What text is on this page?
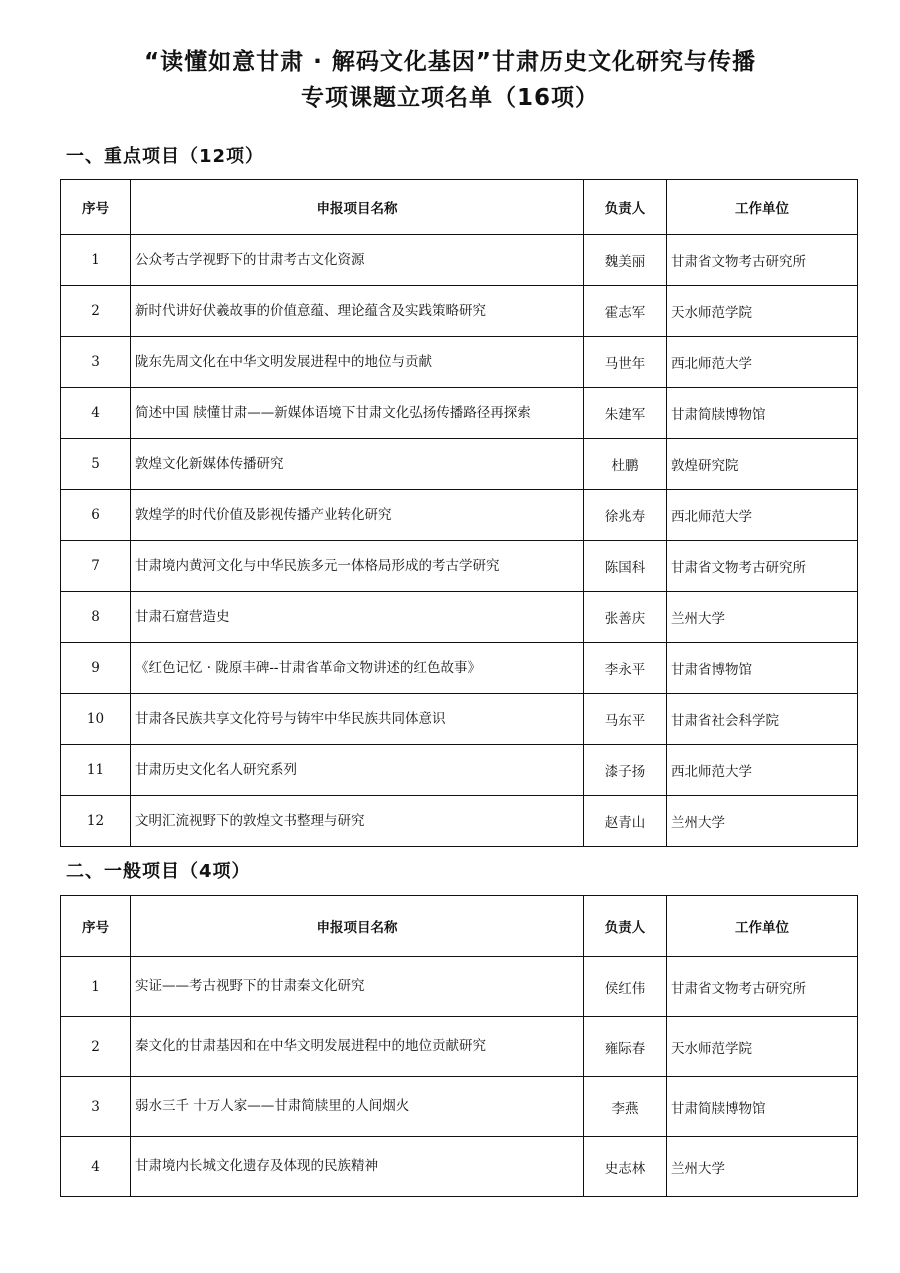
“读懂如意甘肃 · 解码文化基因”甘肃历史文化研究与传播
专项课题立项名单（16项）
一、重点项目（12项）
序号	申报项目名称	负责人	工作单位
1	公众考古学视野下的甘肃考古文化资源	魏美丽	甘肃省文物考古研究所
2	新时代讲好伏羲故事的价值意蕴、理论蕴含及实践策略研究	霍志军	天水师范学院
3	陇东先周文化在中华文明发展进程中的地位与贡献	马世年	西北师范大学
4	简述中国 牍懂甘肃——新媒体语境下甘肃文化弘扬传播路径再探索	朱建军	甘肃简牍博物馆
5	敦煌文化新媒体传播研究	杜鹏	敦煌研究院
6	敦煌学的时代价值及影视传播产业转化研究	徐兆寿	西北师范大学
7	甘肃境内黄河文化与中华民族多元一体格局形成的考古学研究	陈国科	甘肃省文物考古研究所
8	甘肃石窟营造史	张善庆	兰州大学
9	《红色记忆 · 陇原丰碑--甘肃省革命文物讲述的红色故事》	李永平	甘肃省博物馆
10	甘肃各民族共享文化符号与铸牢中华民族共同体意识	马东平	甘肃省社会科学院
11	甘肃历史文化名人研究系列	漆子扬	西北师范大学
12	文明汇流视野下的敦煌文书整理与研究	赵青山	兰州大学
二、一般项目（4项）
序号	申报项目名称	负责人	工作单位
1	实证——考古视野下的甘肃秦文化研究	侯红伟	甘肃省文物考古研究所
2	秦文化的甘肃基因和在中华文明发展进程中的地位贡献研究	雍际春	天水师范学院
3	弱水三千 十万人家——甘肃简牍里的人间烟火	李燕	甘肃简牍博物馆
4	甘肃境内长城文化遗存及体现的民族精神	史志林	兰州大学
